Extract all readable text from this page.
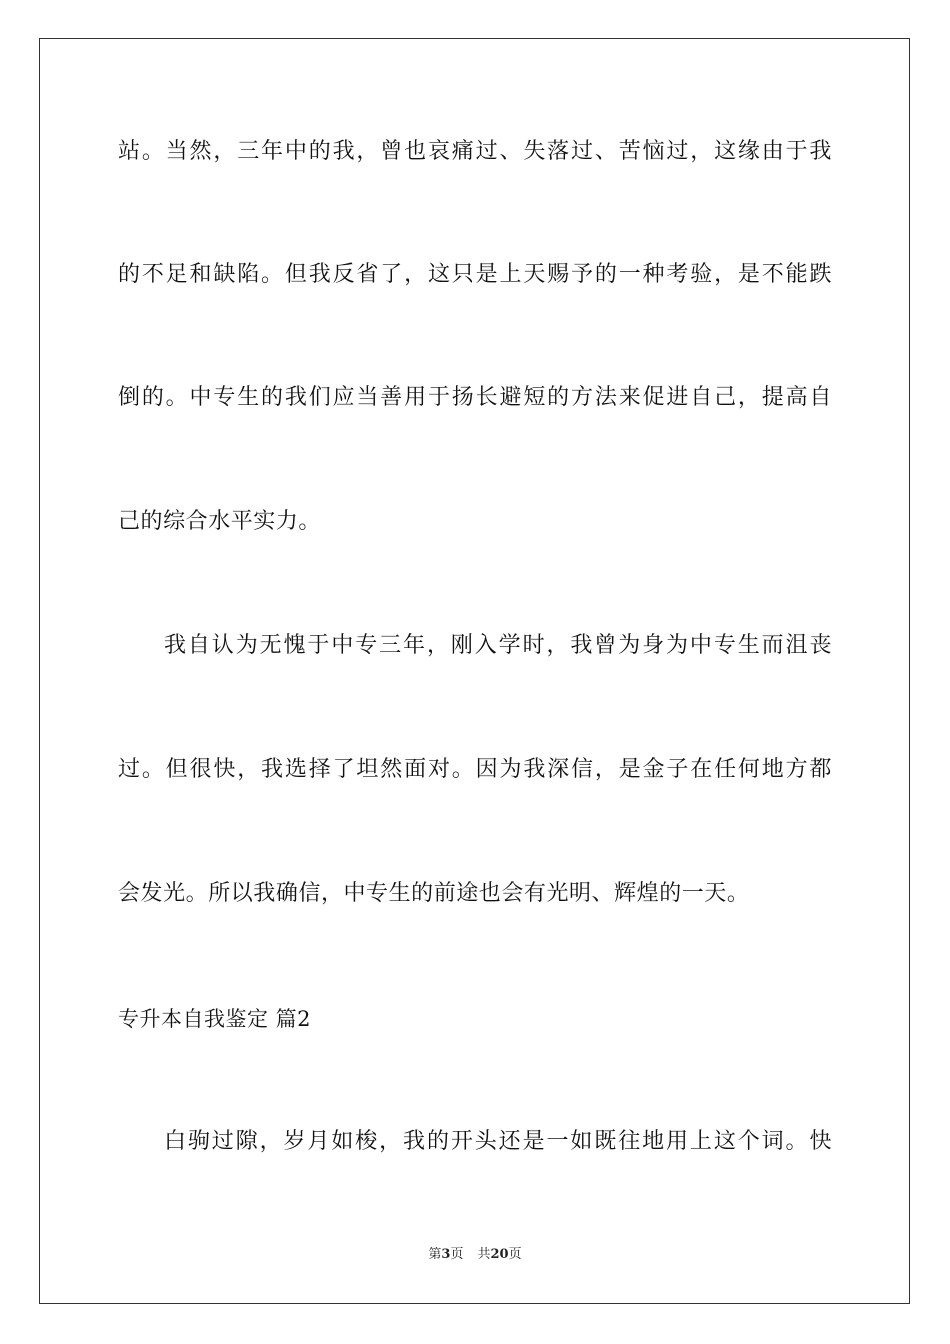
站。当然，三年中的我，曾也哀痛过、失落过、苦恼过，这缘由于我
的不足和缺陷。但我反省了，这只是上天赐予的一种考验，是不能跌
倒的。中专生的我们应当善用于扬长避短的方法来促进自己，提高自
己的综合水平实力。
我自认为无愧于中专三年，刚入学时，我曾为身为中专生而沮丧
过。但很快，我选择了坦然面对。因为我深信，是金子在任何地方都
会发光。所以我确信，中专生的前途也会有光明、辉煌的一天。
专升本自我鉴定 篇2
白驹过隙，岁月如梭，我的开头还是一如既往地用上这个词。快
第3页 共20页
